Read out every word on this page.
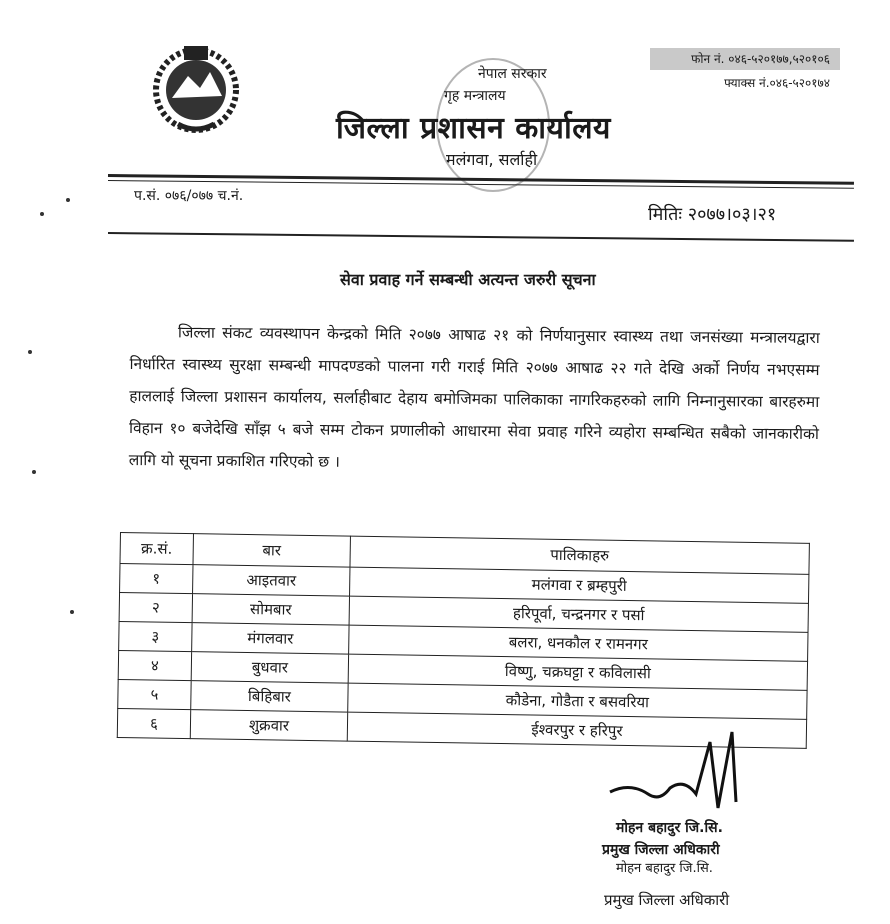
नेपाल सरकार
गृह मन्त्रालय
जिल्ला प्रशासन कार्यालय
मलंगवा, सर्लाही
फोन नं. ०४६-५२०१७७,५२०१०६
फ्याक्स नं.०४६-५२०१७४
प.सं. ०७६/०७७ च.नं.
मितिः २०७७।०३।२१
सेवा प्रवाह गर्ने सम्बन्धी अत्यन्त जरुरी सूचना

जिल्ला संकट व्यवस्थापन केन्द्रको मिति २०७७ आषाढ २१ को निर्णयानुसार स्वास्थ्य तथा जनसंख्या मन्त्रालयद्वारा निर्धारित स्वास्थ्य सुरक्षा सम्बन्धी मापदण्डको पालना गरी गराई मिति २०७७ आषाढ २२ गते देखि अर्को निर्णय नभएसम्म हाललाई जिल्ला प्रशासन कार्यालय, सर्लाहीबाट देहाय बमोजिमका पालिकाका नागरिकहरुको लागि निम्नानुसारका बारहरुमा विहान १० बजेदेखि साँझ ५ बजे सम्म टोकन प्रणालीको आधारमा सेवा प्रवाह गरिने व्यहोरा सम्बन्धित सबैको जानकारीको लागि यो सूचना प्रकाशित गरिएको छ ।

क्र.सं.	बार	पालिकाहरु
१	आइतवार	मलंगवा र ब्रम्हपुरी
२	सोमबार	हरिपूर्वा, चन्द्रनगर र पर्सा
३	मंगलवार	बलरा, धनकौल र रामनगर
४	बुधवार	विष्णु, चक्रघट्टा र कविलासी
५	बिहिबार	कौडेना, गोडैता र बसवरिया
६	शुक्रवार	ईश्वरपुर र हरिपुर
मोहन बहादुर जि.सि.
प्रमुख जिल्ला अधिकारी
मोहन बहादुर जि.सि.
प्रमुख जिल्ला अधिकारी
